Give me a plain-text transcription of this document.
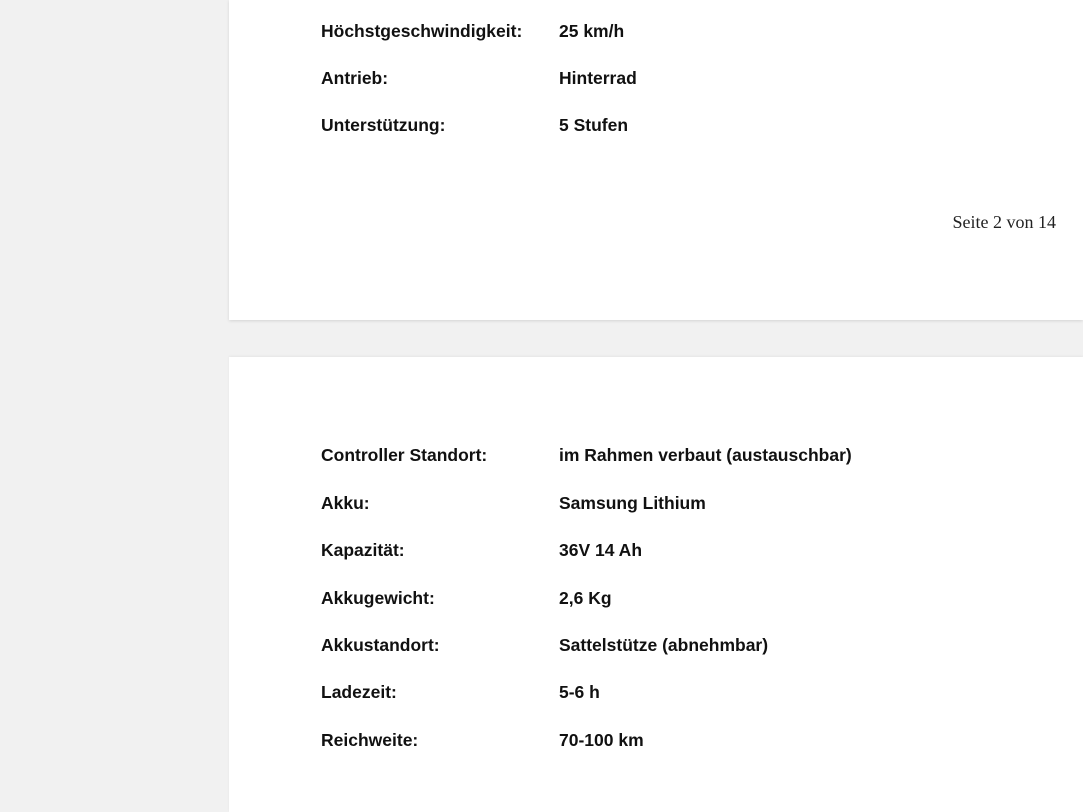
Höchstgeschwindigkeit: 25 km/h
Antrieb:	Hinterrad
Unterstützung:	5 Stufen
Seite 2 von 14
Controller Standort:	im Rahmen verbaut (austauschbar)
Akku:	Samsung Lithium
Kapazität:	36V 14 Ah
Akkugewicht:	2,6 Kg
Akkustandort:	Sattelstütze (abnehmbar)
Ladezeit:	5-6 h
Reichweite:	70-100 km
